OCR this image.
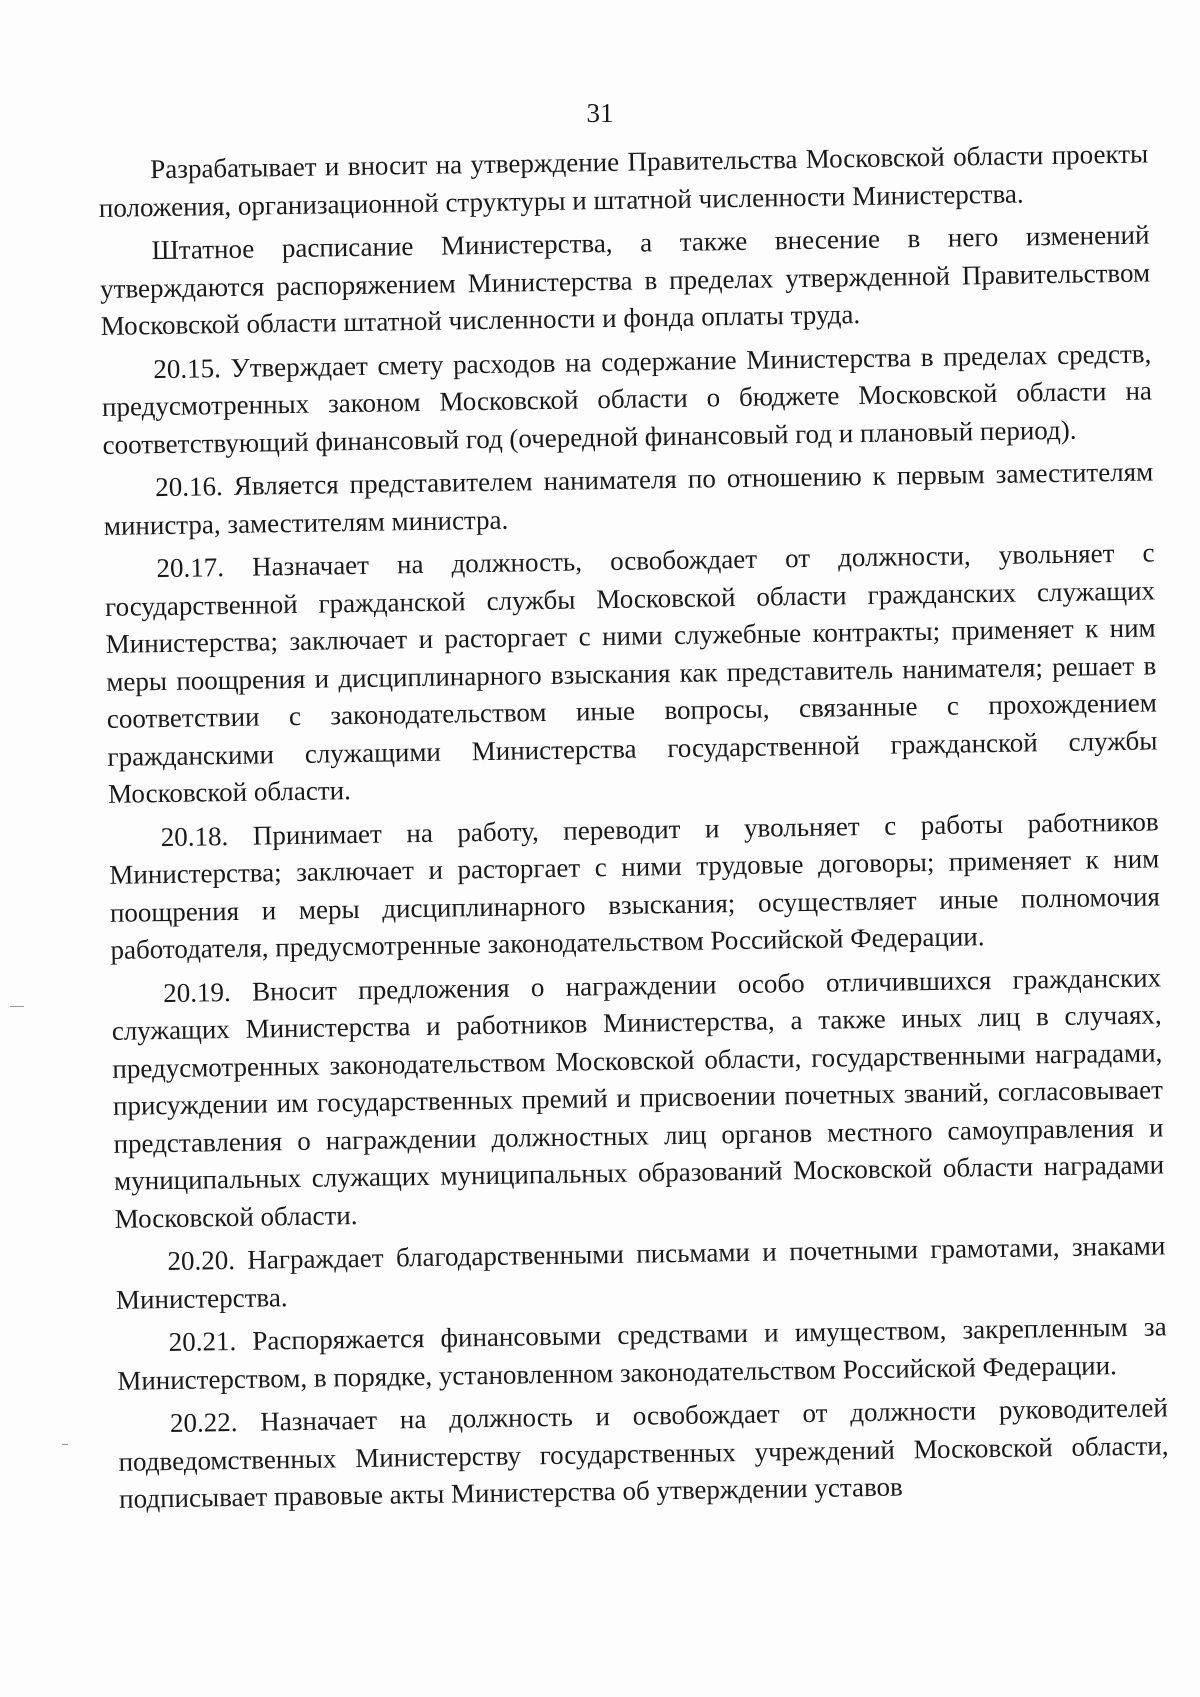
31

Разрабатывает и вносит на утверждение Правительства Московской области проекты положения, организационной структуры и штатной численности Министерства.

Штатное расписание Министерства, а также внесение в него изменений утверждаются распоряжением Министерства в пределах утвержденной Правительством Московской области штатной численности и фонда оплаты труда.

20.15. Утверждает смету расходов на содержание Министерства в пределах средств, предусмотренных законом Московской области о бюджете Московской области на соответствующий финансовый год (очередной финансовый год и плановый период).

20.16. Является представителем нанимателя по отношению к первым заместителям министра, заместителям министра.

20.17. Назначает на должность, освобождает от должности, увольняет с государственной гражданской службы Московской области гражданских служащих Министерства; заключает и расторгает с ними служебные контракты; применяет к ним меры поощрения и дисциплинарного взыскания как представитель нанимателя; решает в соответствии с законодательством иные вопросы, связанные с прохождением гражданскими служащими Министерства государственной гражданской службы Московской области.

20.18. Принимает на работу, переводит и увольняет с работы работников Министерства; заключает и расторгает с ними трудовые договоры; применяет к ним поощрения и меры дисциплинарного взыскания; осуществляет иные полномочия работодателя, предусмотренные законодательством Российской Федерации.

20.19. Вносит предложения о награждении особо отличившихся гражданских служащих Министерства и работников Министерства, а также иных лиц в случаях, предусмотренных законодательством Московской области, государственными наградами, присуждении им государственных премий и присвоении почетных званий, согласовывает представления о награждении должностных лиц органов местного самоуправления и муниципальных служащих муниципальных образований Московской области наградами Московской области.

20.20. Награждает благодарственными письмами и почетными грамотами, знаками Министерства.

20.21. Распоряжается финансовыми средствами и имуществом, закрепленным за Министерством, в порядке, установленном законодательством Российской Федерации.

20.22. Назначает на должность и освобождает от должности руководителей подведомственных Министерству государственных учреждений Московской области, подписывает правовые акты Министерства об утверждении уставов
